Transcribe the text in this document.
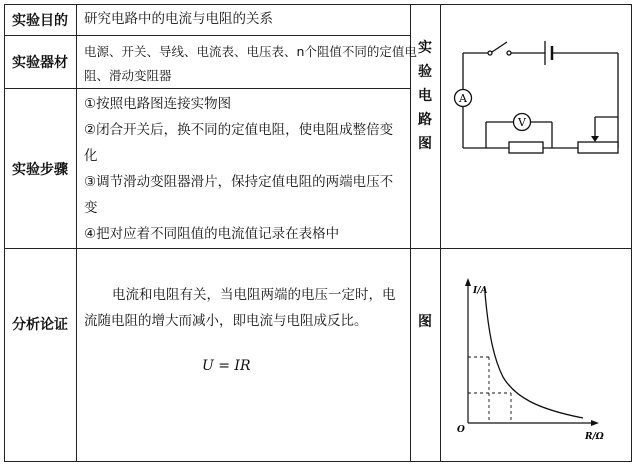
实验目的	研究电路中的电流与电阻的关系
实验器材
电源、开关、导线、电流表、电压表、n个阻值不同的定值电
阻、滑动变阻器
实验步骤
①按照电路图连接实物图
②闭合开关后，换不同的定值电阻，使电阻成整倍变
化
③调节滑动变阻器滑片，保持定值电阻的两端电压不
变
④把对应着不同阻值的电流值记录在表格中
分析论证
电流和电阻有关，当电阻两端的电压一定时，电
流随电阻的增大而减小，即电流与电阻成反比。
U = IR
实验电路图
图
A
V
I/A
R/Ω
O
